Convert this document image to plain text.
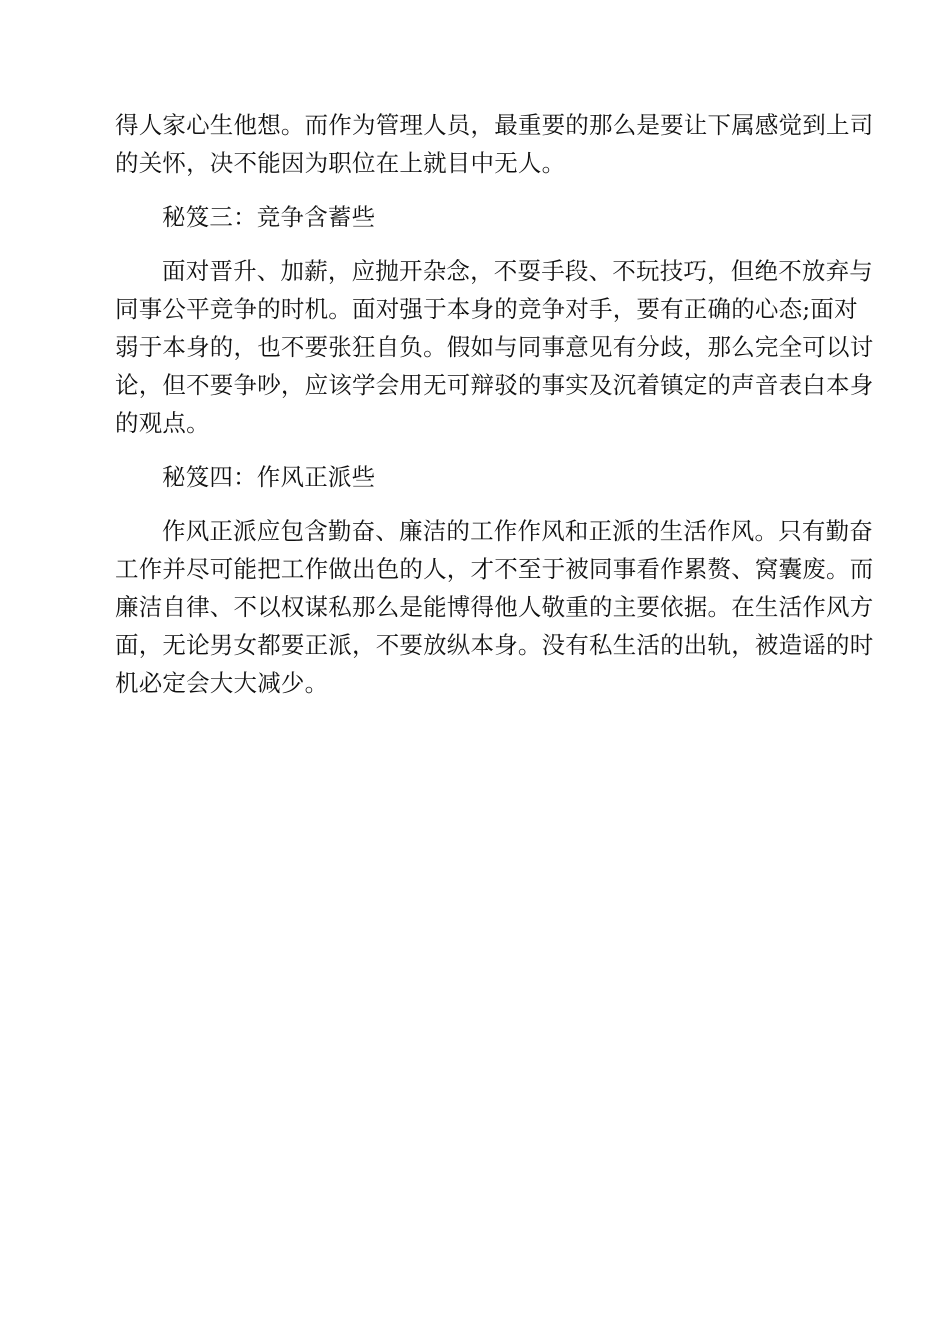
得人家心生他想。而作为管理人员，最重要的那么是要让下属感觉到上司
的关怀，决不能因为职位在上就目中无人。
秘笈三：竞争含蓄些
面对晋升、加薪，应抛开杂念，不耍手段、不玩技巧，但绝不放弃与
同事公平竞争的时机。面对强于本身的竞争对手，要有正确的心态;面对
弱于本身的，也不要张狂自负。假如与同事意见有分歧，那么完全可以讨
论，但不要争吵，应该学会用无可辩驳的事实及沉着镇定的声音表白本身
的观点。
秘笈四：作风正派些
作风正派应包含勤奋、廉洁的工作作风和正派的生活作风。只有勤奋
工作并尽可能把工作做出色的人，才不至于被同事看作累赘、窝囊废。而
廉洁自律、不以权谋私那么是能博得他人敬重的主要依据。在生活作风方
面，无论男女都要正派，不要放纵本身。没有私生活的出轨，被造谣的时
机必定会大大减少。
